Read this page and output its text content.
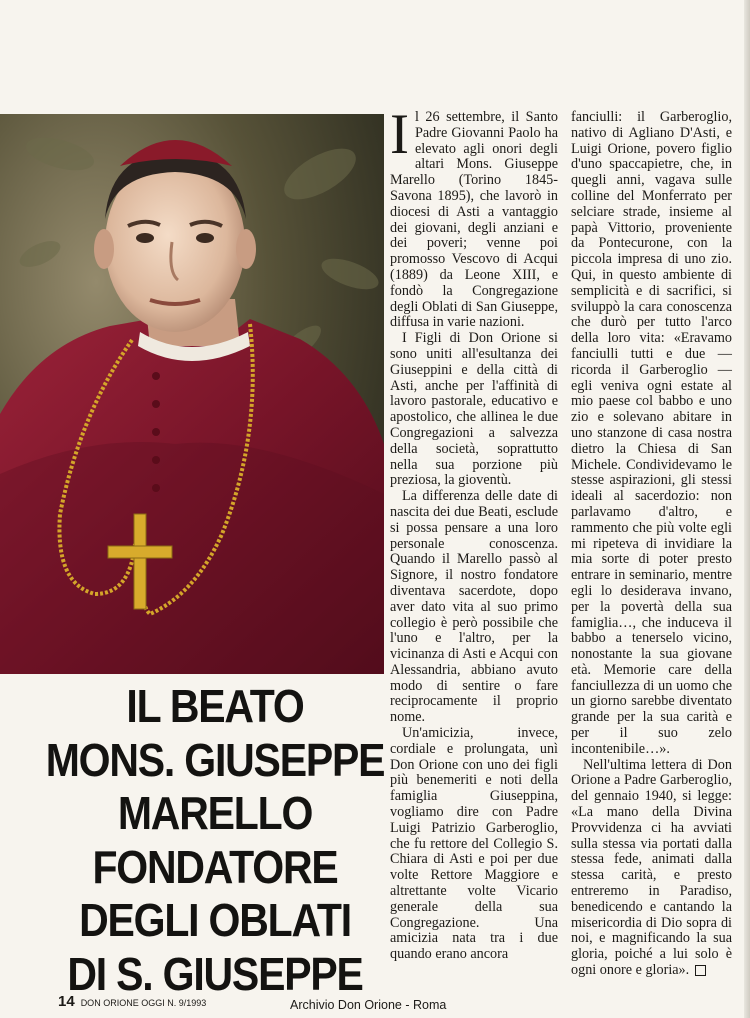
IL BEATO
MONS. GIUSEPPE
MARELLO
FONDATORE
DEGLI OBLATI
DI S. GIUSEPPE

Il 26 settembre, il Santo Padre Giovanni Paolo ha elevato agli onori degli altari Mons. Giuseppe Marello (Torino 1845-Savona 1895), che lavorò in diocesi di Asti a vantaggio dei giovani, degli anziani e dei poveri; venne poi promosso Vescovo di Acqui (1889) da Leone XIII, e fondò la Congregazione degli Oblati di San Giuseppe, diffusa in varie nazioni.

I Figli di Don Orione si sono uniti all'esultanza dei Giuseppini e della città di Asti, anche per l'affinità di lavoro pastorale, educativo e apostolico, che allinea le due Congregazioni a salvezza della società, soprattutto nella sua porzione più preziosa, la gioventù.

La differenza delle date di nascita dei due Beati, esclude si possa pensare a una loro personale conoscenza. Quando il Marello passò al Signore, il nostro fondatore diventava sacerdote, dopo aver dato vita al suo primo collegio è però possibile che l'uno e l'altro, per la vicinanza di Asti e Acqui con Alessandria, abbiano avuto modo di sentire o fare reciprocamente il proprio nome.

Un'amicizia, invece, cordiale e prolungata, unì Don Orione con uno dei figli più benemeriti e noti della famiglia Giuseppina, vogliamo dire con Padre Luigi Patrizio Garberoglio, che fu rettore del Collegio S. Chiara di Asti e poi per due volte Rettore Maggiore e altrettante volte Vicario generale della sua Congregazione. Una amicizia nata tra i due quando erano ancora

fanciulli: il Garberoglio, nativo di Agliano D'Asti, e Luigi Orione, povero figlio d'uno spaccapietre, che, in quegli anni, vagava sulle colline del Monferrato per selciare strade, insieme al papà Vittorio, proveniente da Pontecurone, con la piccola impresa di uno zio. Qui, in questo ambiente di semplicità e di sacrifici, si sviluppò la cara conoscenza che durò per tutto l'arco della loro vita: «Eravamo fanciulli tutti e due — ricorda il Garberoglio — egli veniva ogni estate al mio paese col babbo e uno zio e solevano abitare in uno stanzone di casa nostra dietro la Chiesa di San Michele. Condividevamo le stesse aspirazioni, gli stessi ideali al sacerdozio: non parlavamo d'altro, e rammento che più volte egli mi ripeteva di invidiare la mia sorte di poter presto entrare in seminario, mentre egli lo desiderava invano, per la povertà della sua famiglia…, che induceva il babbo a tenerselo vicino, nonostante la sua giovane età. Memorie care della fanciullezza di un uomo che un giorno sarebbe diventato grande per la sua carità e per il suo zelo incontenibile…».

Nell'ultima lettera di Don Orione a Padre Garberoglio, del gennaio 1940, si legge: «La mano della Divina Provvidenza ci ha avviati sulla stessa via portati dalla stessa fede, animati dalla stessa carità, e presto entreremo in Paradiso, benedicendo e cantando la misericordia di Dio sopra di noi, e magnificando la sua gloria, poiché a lui solo è ogni onore e gloria».

14 DON ORIONE OGGI N. 9/1993	Archivio Don Orione - Roma
